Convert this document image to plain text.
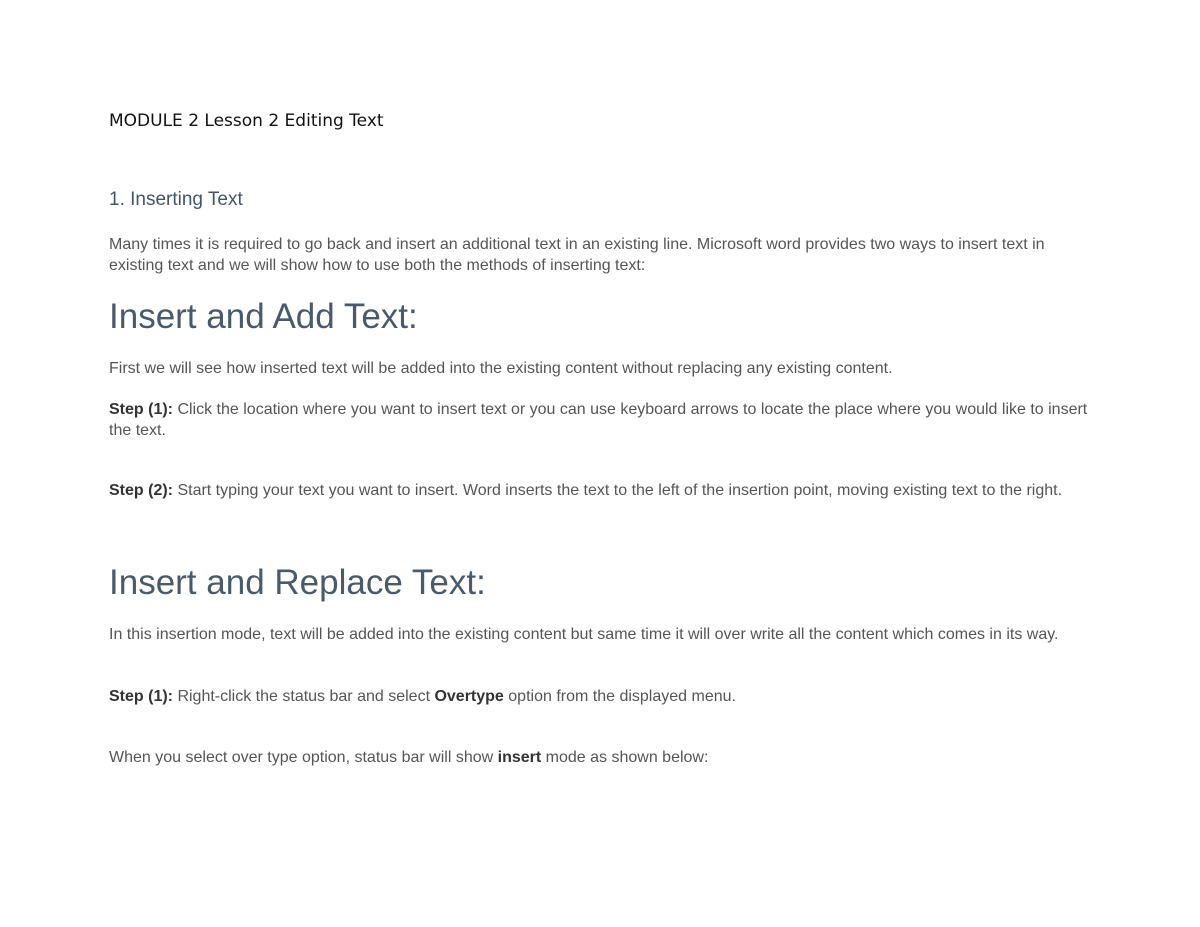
MODULE 2 Lesson 2 Editing Text
1. Inserting Text

Many times it is required to go back and insert an additional text in an existing line. Microsoft word provides two ways to insert text in existing text and we will show how to use both the methods of inserting text:

Insert and Add Text:

First we will see how inserted text will be added into the existing content without replacing any existing content.

Step (1): Click the location where you want to insert text or you can use keyboard arrows to locate the place where you would like to insert the text.

Step (2): Start typing your text you want to insert. Word inserts the text to the left of the insertion point, moving existing text to the right.

Insert and Replace Text:

In this insertion mode, text will be added into the existing content but same time it will over write all the content which comes in its way.

Step (1): Right-click the status bar and select Overtype option from the displayed menu.

When you select over type option, status bar will show insert mode as shown below:
